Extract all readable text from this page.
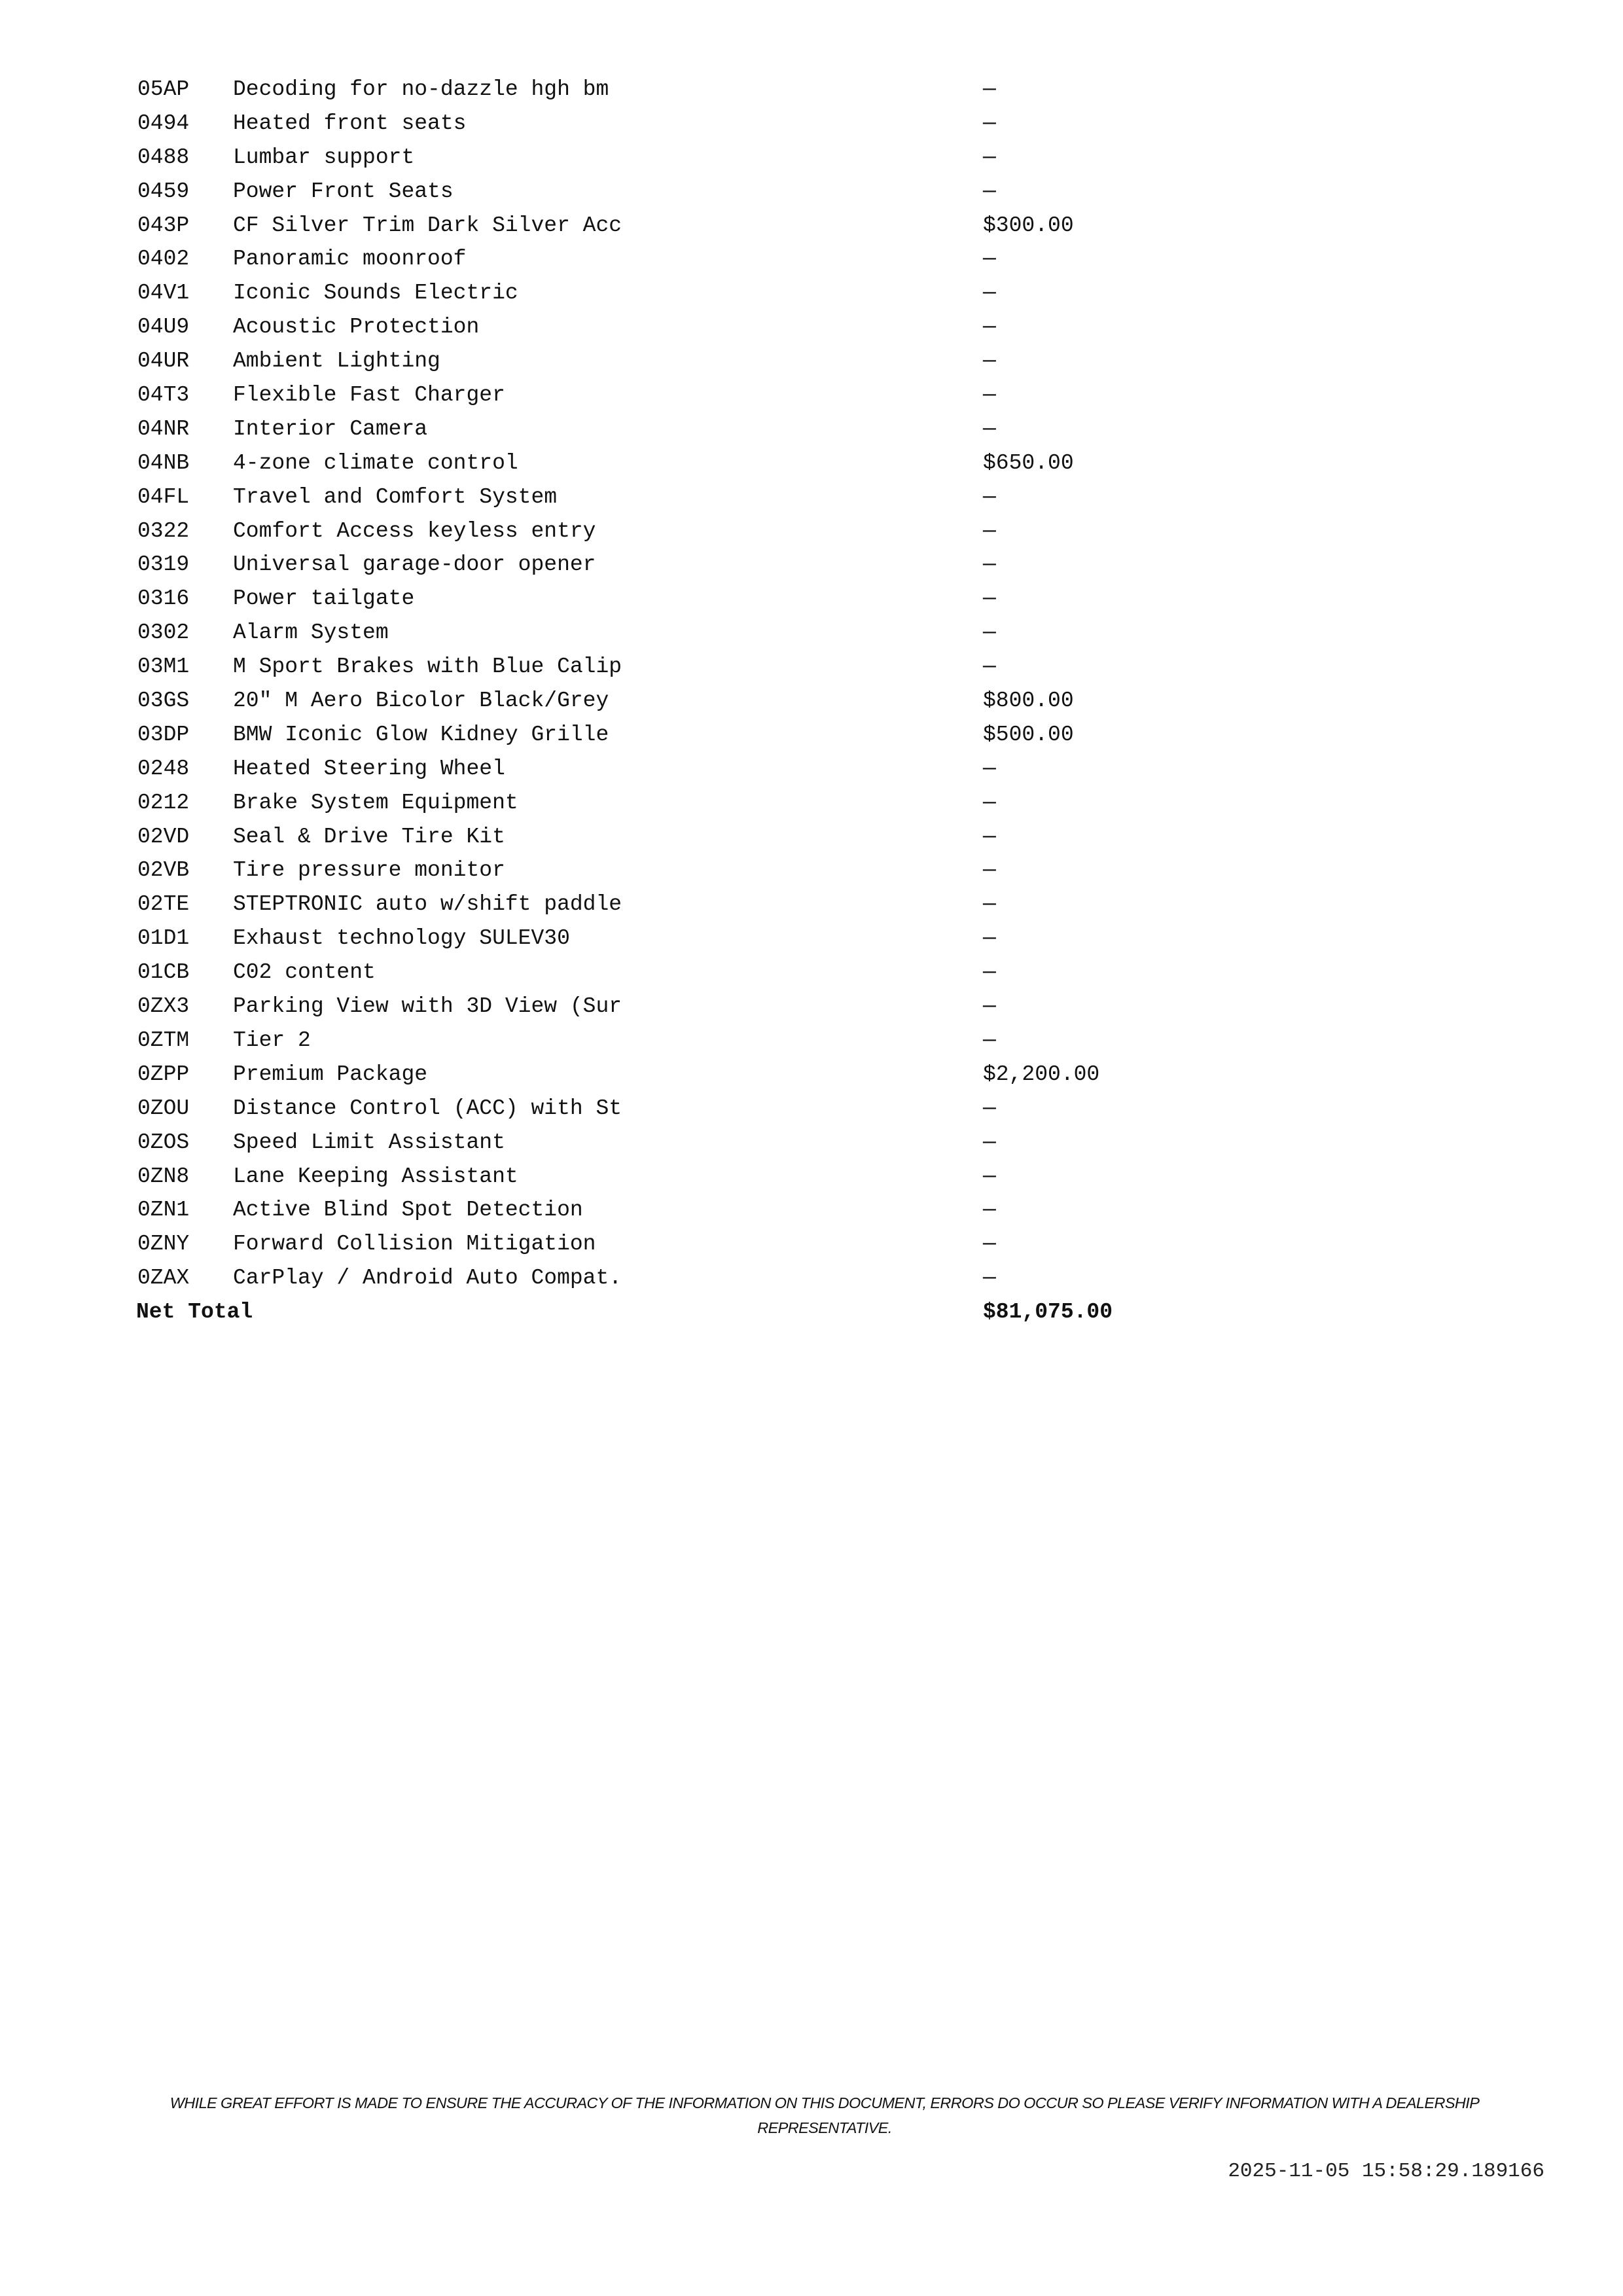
05AP Decoding for no-dazzle hgh bm	—
0494 Heated front seats	—
0488 Lumbar support	—
0459 Power Front Seats	—
043P CF Silver Trim Dark Silver Acc	$300.00
0402 Panoramic moonroof	—
04V1 Iconic Sounds Electric	—
04U9 Acoustic Protection	—
04UR Ambient Lighting	—
04T3 Flexible Fast Charger	—
04NR Interior Camera	—
04NB 4-zone climate control	$650.00
04FL Travel and Comfort System	—
0322 Comfort Access keyless entry	—
0319 Universal garage-door opener	—
0316 Power tailgate	—
0302 Alarm System	—
03M1 M Sport Brakes with Blue Calip	—
03GS 20" M Aero Bicolor Black/Grey	$800.00
03DP BMW Iconic Glow Kidney Grille	$500.00
0248 Heated Steering Wheel	—
0212 Brake System Equipment	—
02VD Seal & Drive Tire Kit	—
02VB Tire pressure monitor	—
02TE STEPTRONIC auto w/shift paddle	—
01D1 Exhaust technology SULEV30	—
01CB C02 content	—
0ZX3 Parking View with 3D View (Sur	—
0ZTM Tier 2	—
0ZPP Premium Package	$2,200.00
0ZOU Distance Control (ACC) with St	—
0ZOS Speed Limit Assistant	—
0ZN8 Lane Keeping Assistant	—
0ZN1 Active Blind Spot Detection	—
0ZNY Forward Collision Mitigation	—
0ZAX CarPlay / Android Auto Compat.	—
Net Total	$81,075.00
WHILE GREAT EFFORT IS MADE TO ENSURE THE ACCURACY OF THE INFORMATION ON THIS DOCUMENT, ERRORS DO OCCUR SO PLEASE VERIFY INFORMATION WITH A DEALERSHIP REPRESENTATIVE.
2025-11-05 15:58:29.189166
